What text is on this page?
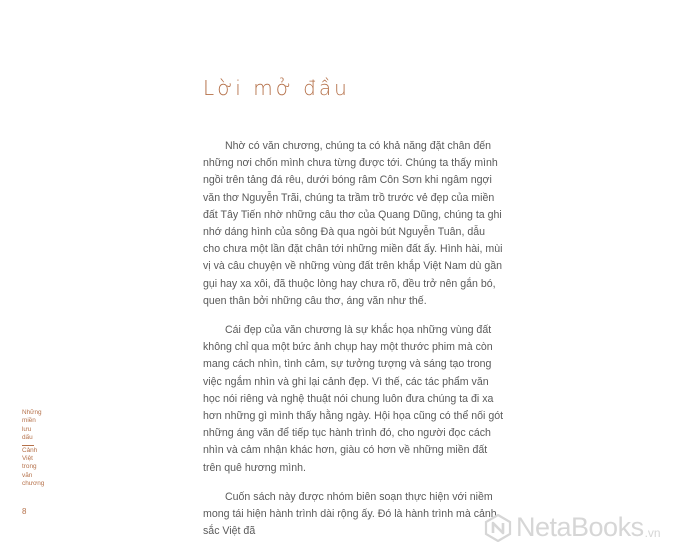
Lời mở đầu

Nhờ có văn chương, chúng ta có khả năng đặt chân đến những nơi chốn mình chưa từng được tới. Chúng ta thấy mình ngồi trên tảng đá rêu, dưới bóng râm Côn Sơn khi ngâm ngợi văn thơ Nguyễn Trãi, chúng ta trầm trồ trước vẻ đẹp của miền đất Tây Tiến nhờ những câu thơ của Quang Dũng, chúng ta ghi nhớ dáng hình của sông Đà qua ngòi bút Nguyễn Tuân, dẫu cho chưa một lần đặt chân tới những miền đất ấy. Hình hài, mùi vị và câu chuyện về những vùng đất trên khắp Việt Nam dù gần gụi hay xa xôi, đã thuộc lòng hay chưa rõ, đều trở nên gắn bó, quen thân bởi những câu thơ, áng văn như thế.

Cái đẹp của văn chương là sự khắc họa những vùng đất không chỉ qua một bức ảnh chụp hay một thước phim mà còn mang cách nhìn, tình cảm, sự tưởng tượng và sáng tạo trong việc ngắm nhìn và ghi lại cảnh đẹp. Vì thế, các tác phẩm văn học nói riêng và nghệ thuật nói chung luôn đưa chúng ta đi xa hơn những gì mình thấy hằng ngày. Hội họa cũng có thể nối gót những áng văn để tiếp tục hành trình đó, cho người đọc cách nhìn và cảm nhận khác hơn, giàu có hơn về những miền đất trên quê hương mình.

Cuốn sách này được nhóm biên soạn thực hiện với niềm mong tái hiện hành trình dài rộng ấy. Đó là hành trình mà cảnh sắc Việt đã

Những
miền
lưu
dấu
Cảnh
Việt
trong
văn
chương
8
NetaBooks .vn
